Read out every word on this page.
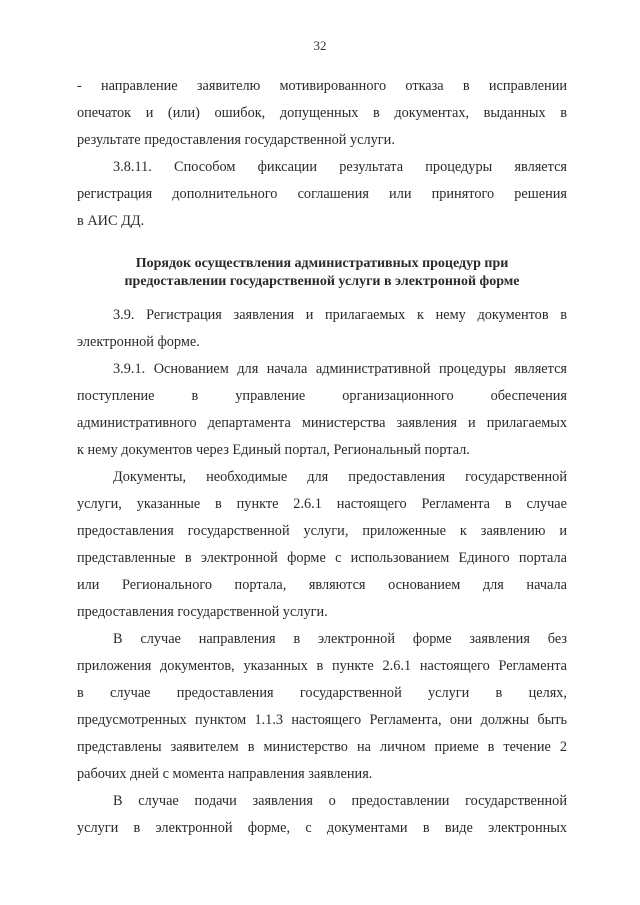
32
- направление заявителю мотивированного отказа в исправлении
опечаток и (или) ошибок, допущенных в документах, выданных в
результате предоставления государственной услуги.
3.8.11. Способом фиксации результата процедуры является
регистрация дополнительного соглашения или принятого решения
в АИС ДД.
Порядок осуществления административных процедур при
предоставлении государственной услуги в электронной форме
3.9. Регистрация заявления и прилагаемых к нему документов в
электронной форме.
3.9.1. Основанием для начала административной процедуры является
поступление в управление организационного обеспечения
административного департамента министерства заявления и прилагаемых
к нему документов через Единый портал, Региональный портал.
Документы, необходимые для предоставления государственной
услуги, указанные в пункте 2.6.1 настоящего Регламента в случае
предоставления государственной услуги, приложенные к заявлению и
представленные в электронной форме с использованием Единого портала
или Регионального портала, являются основанием для начала
предоставления государственной услуги.
В случае направления в электронной форме заявления без
приложения документов, указанных в пункте 2.6.1 настоящего Регламента
в случае предоставления государственной услуги в целях,
предусмотренных пунктом 1.1.3 настоящего Регламента, они должны быть
представлены заявителем в министерство на личном приеме в течение 2
рабочих дней с момента направления заявления.
В случае подачи заявления о предоставлении государственной
услуги в электронной форме, с документами в виде электронных
